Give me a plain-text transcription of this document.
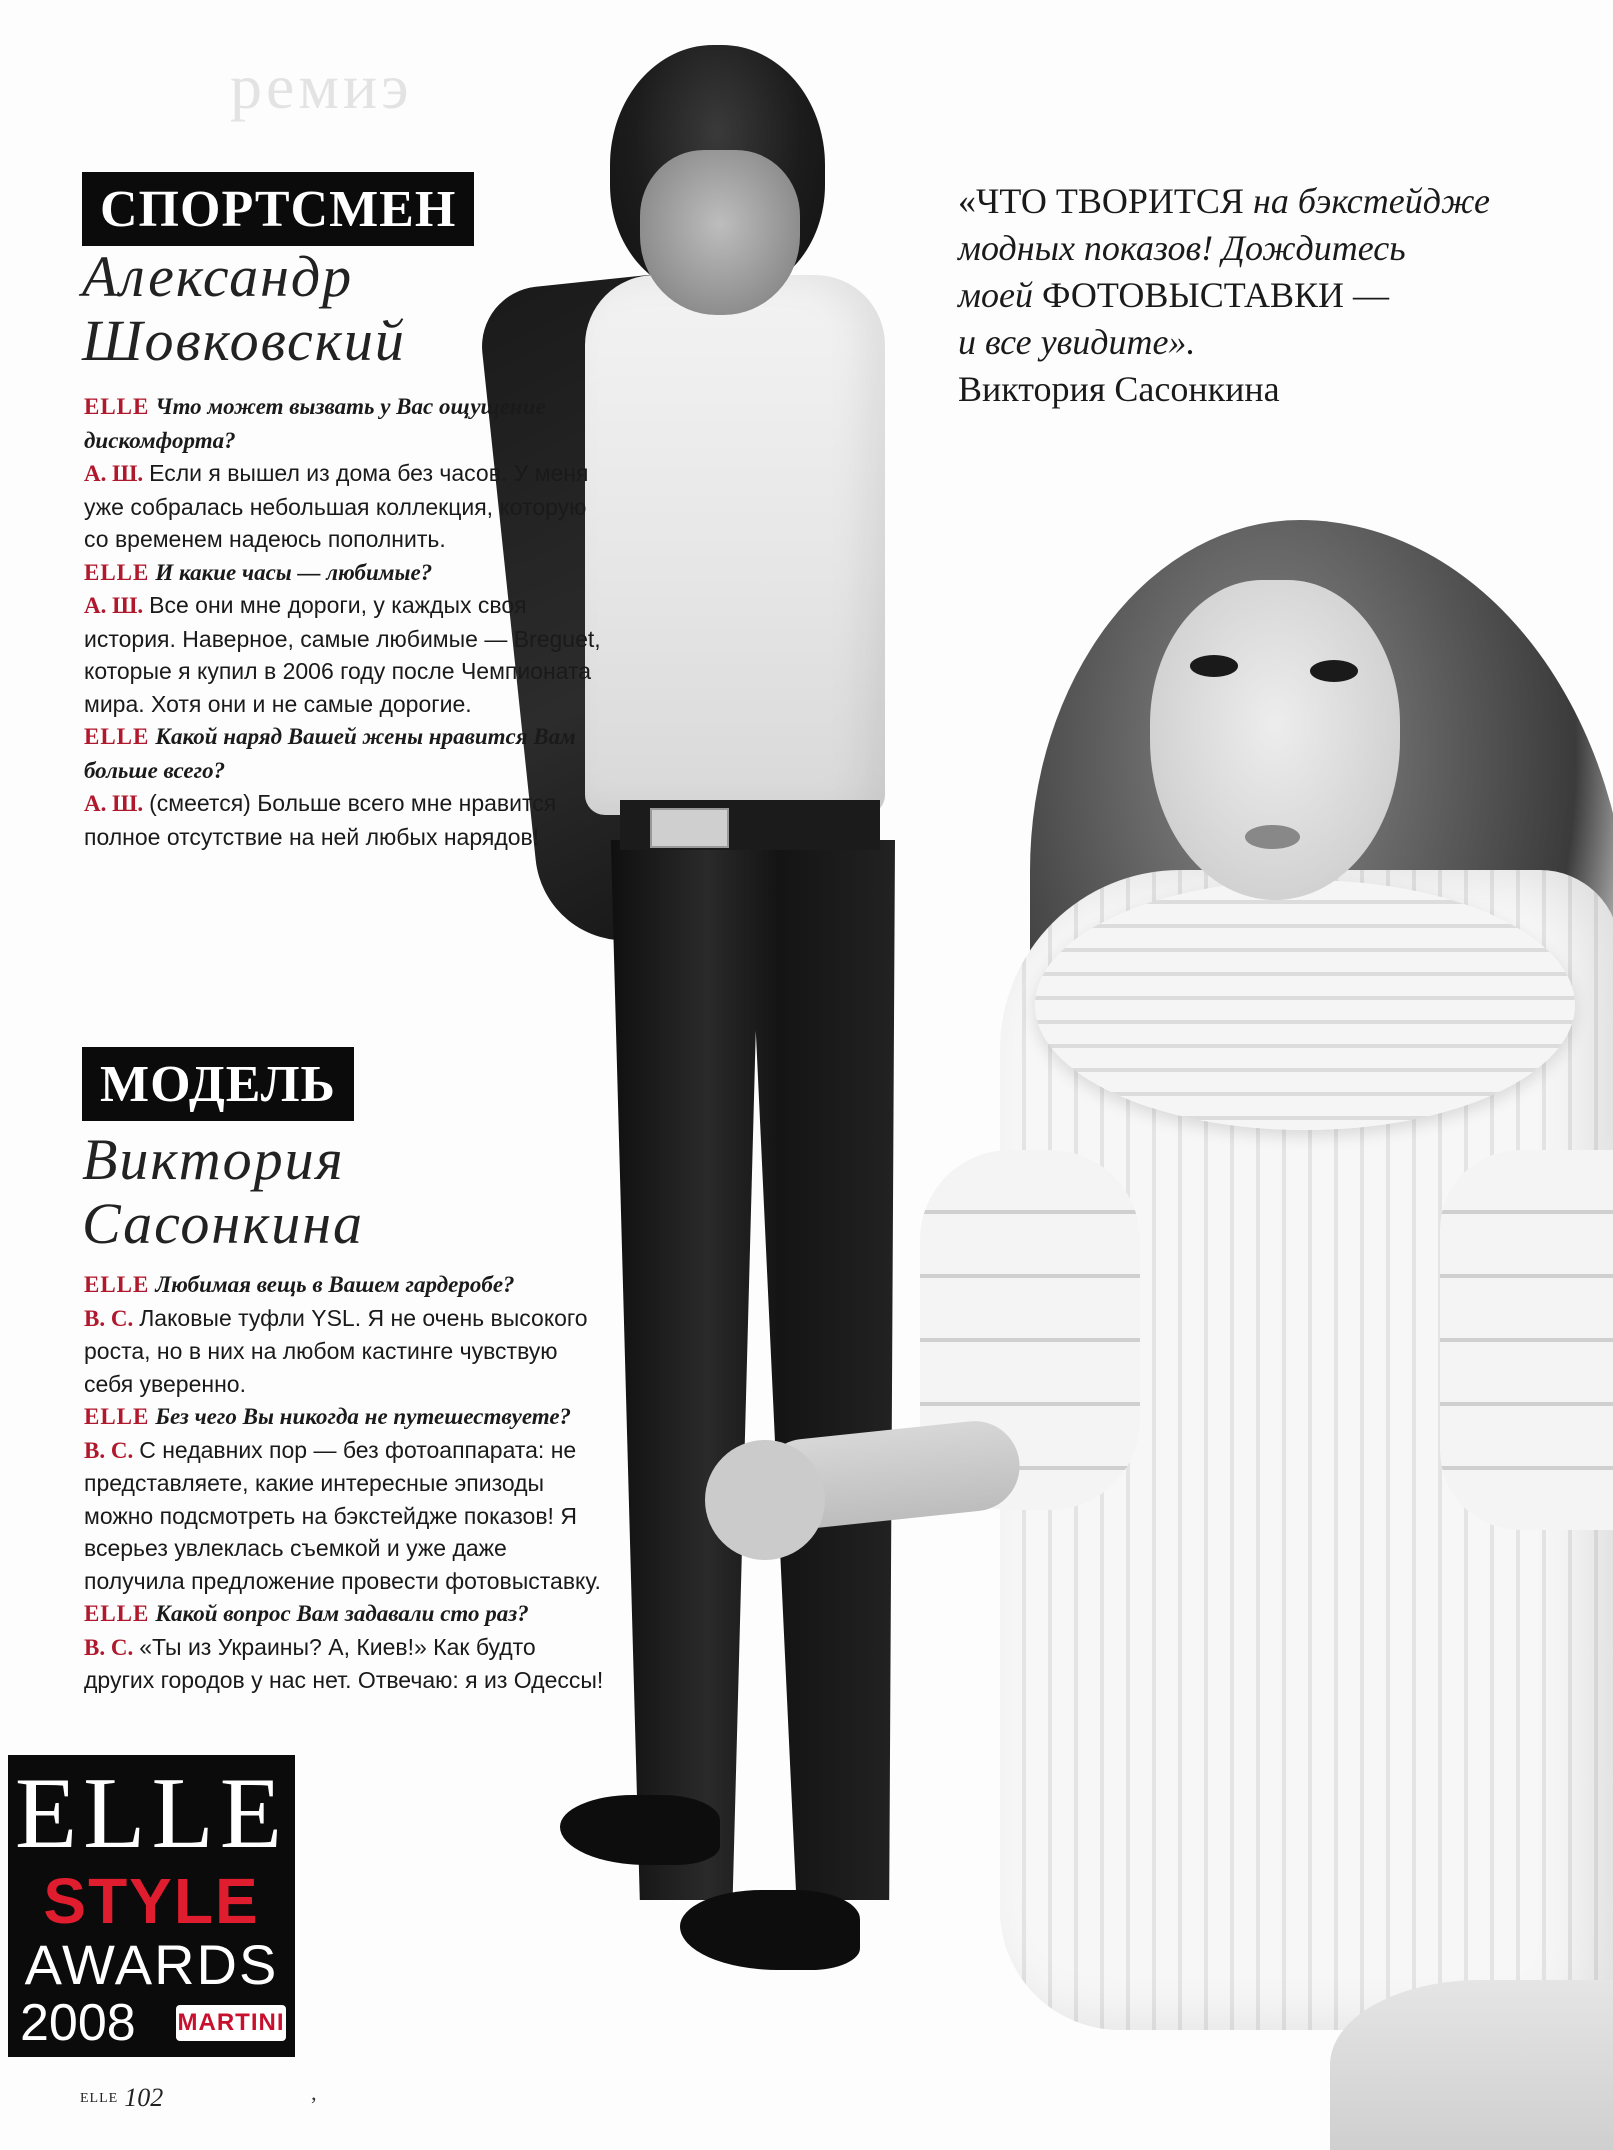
ремиэ
СПОРТСМЕН
Александр
Шовковский

ELLE Что может вызвать у Вас ощущение дискомфорта?

А. Ш. Если я вышел из дома без часов. У меня уже собралась небольшая коллекция, которую со временем надеюсь пополнить.

ELLE И какие часы — любимые?

А. Ш. Все они мне дороги, у каждых своя история. Наверное, самые любимые — Breguet, которые я купил в 2006 году после Чемпионата мира. Хотя они и не самые дорогие.

ELLE Какой наряд Вашей жены нравится Вам больше всего?

А. Ш. (смеется) Больше всего мне нравится полное отсутствие на ней любых нарядов!

МОДЕЛЬ
Виктория
Сасонкина

ELLE Любимая вещь в Вашем гардеробе?

В. С. Лаковые туфли YSL. Я не очень высокого роста, но в них на любом кастинге чувствую себя уверенно.

ELLE Без чего Вы никогда не путешествуете?

В. С. С недавних пор — без фотоаппарата: не представляете, какие интересные эпизоды можно подсмотреть на бэкстейдже показов! Я всерьез увлеклась съемкой и уже даже получила предложение провести фотовыставку.

ELLE Какой вопрос Вам задавали сто раз?

В. С. «Ты из Украины? А, Киев!» Как будто других городов у нас нет. Отвечаю: я из Одессы!

«ЧТО ТВОРИТСЯ на бэкстейдже

модных показов! Дождитесь

моей ФОТОВЫСТАВКИ —

и все увидите».

Виктория Сасонкина

ELLE
STYLE
AWARDS
2008 MARTINI
ELLE 102	‚
